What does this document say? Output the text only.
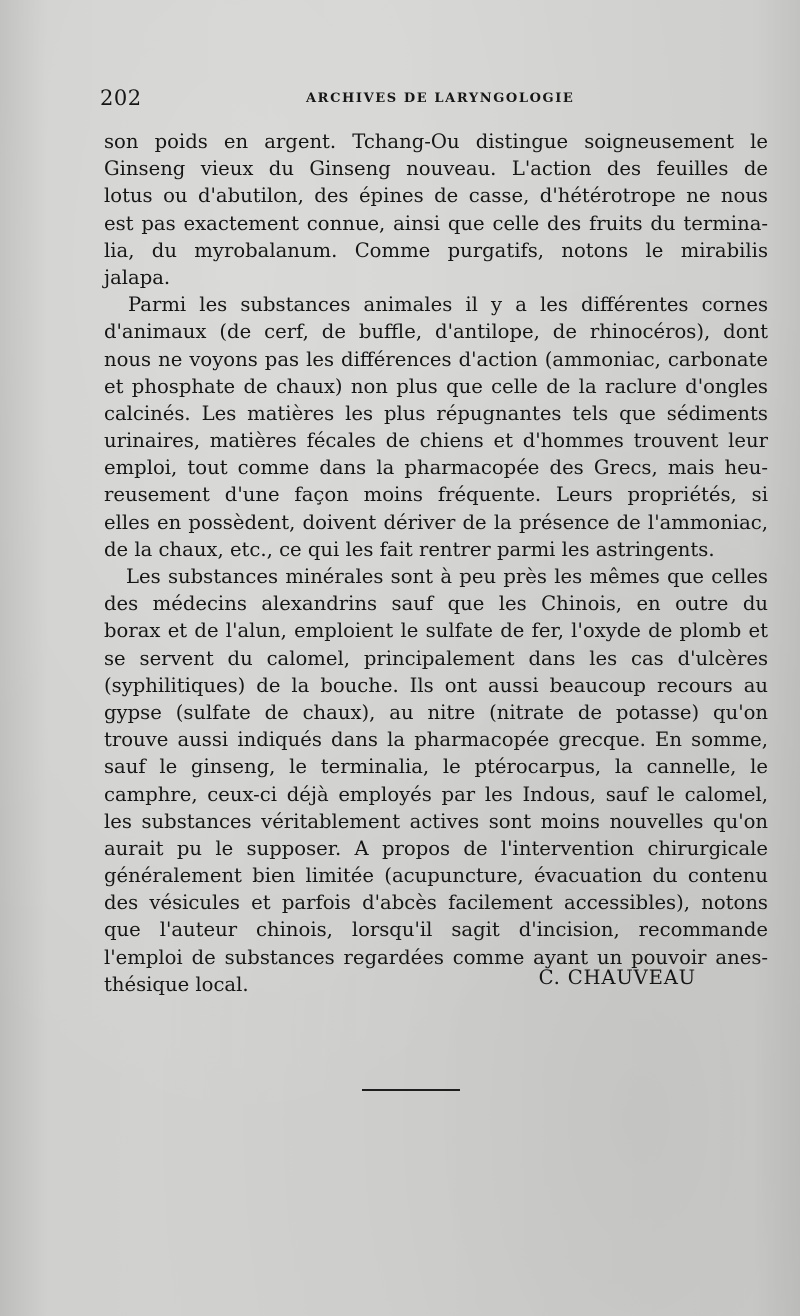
202	ARCHIVES DE LARYNGOLOGIE
son poids en argent. Tchang-Ou distingue soigneusement le
Ginseng vieux du Ginseng nouveau. L'action des feuilles de
lotus ou d'abutilon, des épines de casse, d'hétérotrope ne nous
est pas exactement connue, ainsi que celle des fruits du termina-
lia, du myrobalanum. Comme purgatifs, notons le mirabilis
jalapa.
Parmi les substances animales il y a les différentes cornes
d'animaux (de cerf, de buffle, d'antilope, de rhinocéros), dont
nous ne voyons pas les différences d'action (ammoniac, carbonate
et phosphate de chaux) non plus que celle de la raclure d'ongles
calcinés. Les matières les plus répugnantes tels que sédiments
urinaires, matières fécales de chiens et d'hommes trouvent leur
emploi, tout comme dans la pharmacopée des Grecs, mais heu-
reusement d'une façon moins fréquente. Leurs propriétés, si
elles en possèdent, doivent dériver de la présence de l'ammoniac,
de la chaux, etc., ce qui les fait rentrer parmi les astringents.
Les substances minérales sont à peu près les mêmes que celles
des médecins alexandrins sauf que les Chinois, en outre du
borax et de l'alun, emploient le sulfate de fer, l'oxyde de plomb et
se servent du calomel, principalement dans les cas d'ulcères
(syphilitiques) de la bouche. Ils ont aussi beaucoup recours au
gypse (sulfate de chaux), au nitre (nitrate de potasse) qu'on
trouve aussi indiqués dans la pharmacopée grecque. En somme,
sauf le ginseng, le terminalia, le ptérocarpus, la cannelle, le
camphre, ceux-ci déjà employés par les Indous, sauf le calomel,
les substances véritablement actives sont moins nouvelles qu'on
aurait pu le supposer. A propos de l'intervention chirurgicale
généralement bien limitée (acupuncture, évacuation du contenu
des vésicules et parfois d'abcès facilement accessibles), notons
que l'auteur chinois, lorsqu'il sagit d'incision, recommande
l'emploi de substances regardées comme ayant un pouvoir anes-
thésique local.	C. CHAUVEAU
